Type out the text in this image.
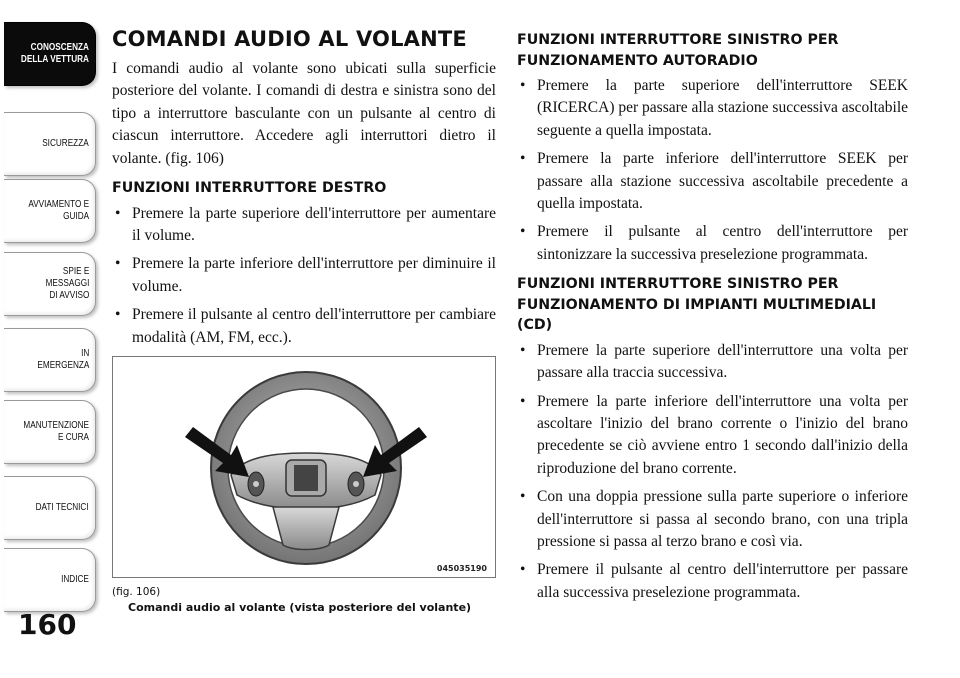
CONOSCENZA
DELLA VETTURA
SICUREZZA
AVVIAMENTO E
GUIDA
SPIE E
MESSAGGI
DI AVVISO
IN
EMERGENZA
MANUTENZIONE
E CURA
DATI TECNICI
INDICE
160
COMANDI AUDIO AL VOLANTE

I comandi audio al volante sono ubicati sulla superficie posteriore del volante. I comandi di destra e sinistra sono del tipo a interruttore basculante con un pulsante al centro di ciascun interruttore. Accedere agli interruttori dietro il volante. (fig. 106)

FUNZIONI INTERRUTTORE DESTRO
• Premere la parte superiore dell'interruttore per aumentare il volume.
• Premere la parte inferiore dell'interruttore per diminuire il volume.
• Premere il pulsante al centro dell'interruttore per cambiare modalità (AM, FM, ecc.).
045035190
(fig. 106)
Comandi audio al volante (vista posteriore del volante)
FUNZIONI INTERRUTTORE SINISTRO PER FUNZIONAMENTO AUTORADIO
• Premere la parte superiore dell'interruttore SEEK (RICERCA) per passare alla stazione successiva ascoltabile seguente a quella impostata.
• Premere la parte inferiore dell'interruttore SEEK per passare alla stazione successiva ascoltabile precedente a quella impostata.
• Premere il pulsante al centro dell'interruttore per sintonizzare la successiva preselezione programmata.
FUNZIONI INTERRUTTORE SINISTRO PER FUNZIONAMENTO DI IMPIANTI MULTIMEDIALI (CD)
• Premere la parte superiore dell'interruttore una volta per passare alla traccia successiva.
• Premere la parte inferiore dell'interruttore una volta per ascoltare l'inizio del brano corrente o l'inizio del brano precedente se ciò avviene entro 1 secondo dall'inizio della riproduzione del brano corrente.
• Con una doppia pressione sulla parte superiore o inferiore dell'interruttore si passa al secondo brano, con una tripla pressione si passa al terzo brano e così via.
• Premere il pulsante al centro dell'interruttore per passare alla successiva preselezione programmata.
